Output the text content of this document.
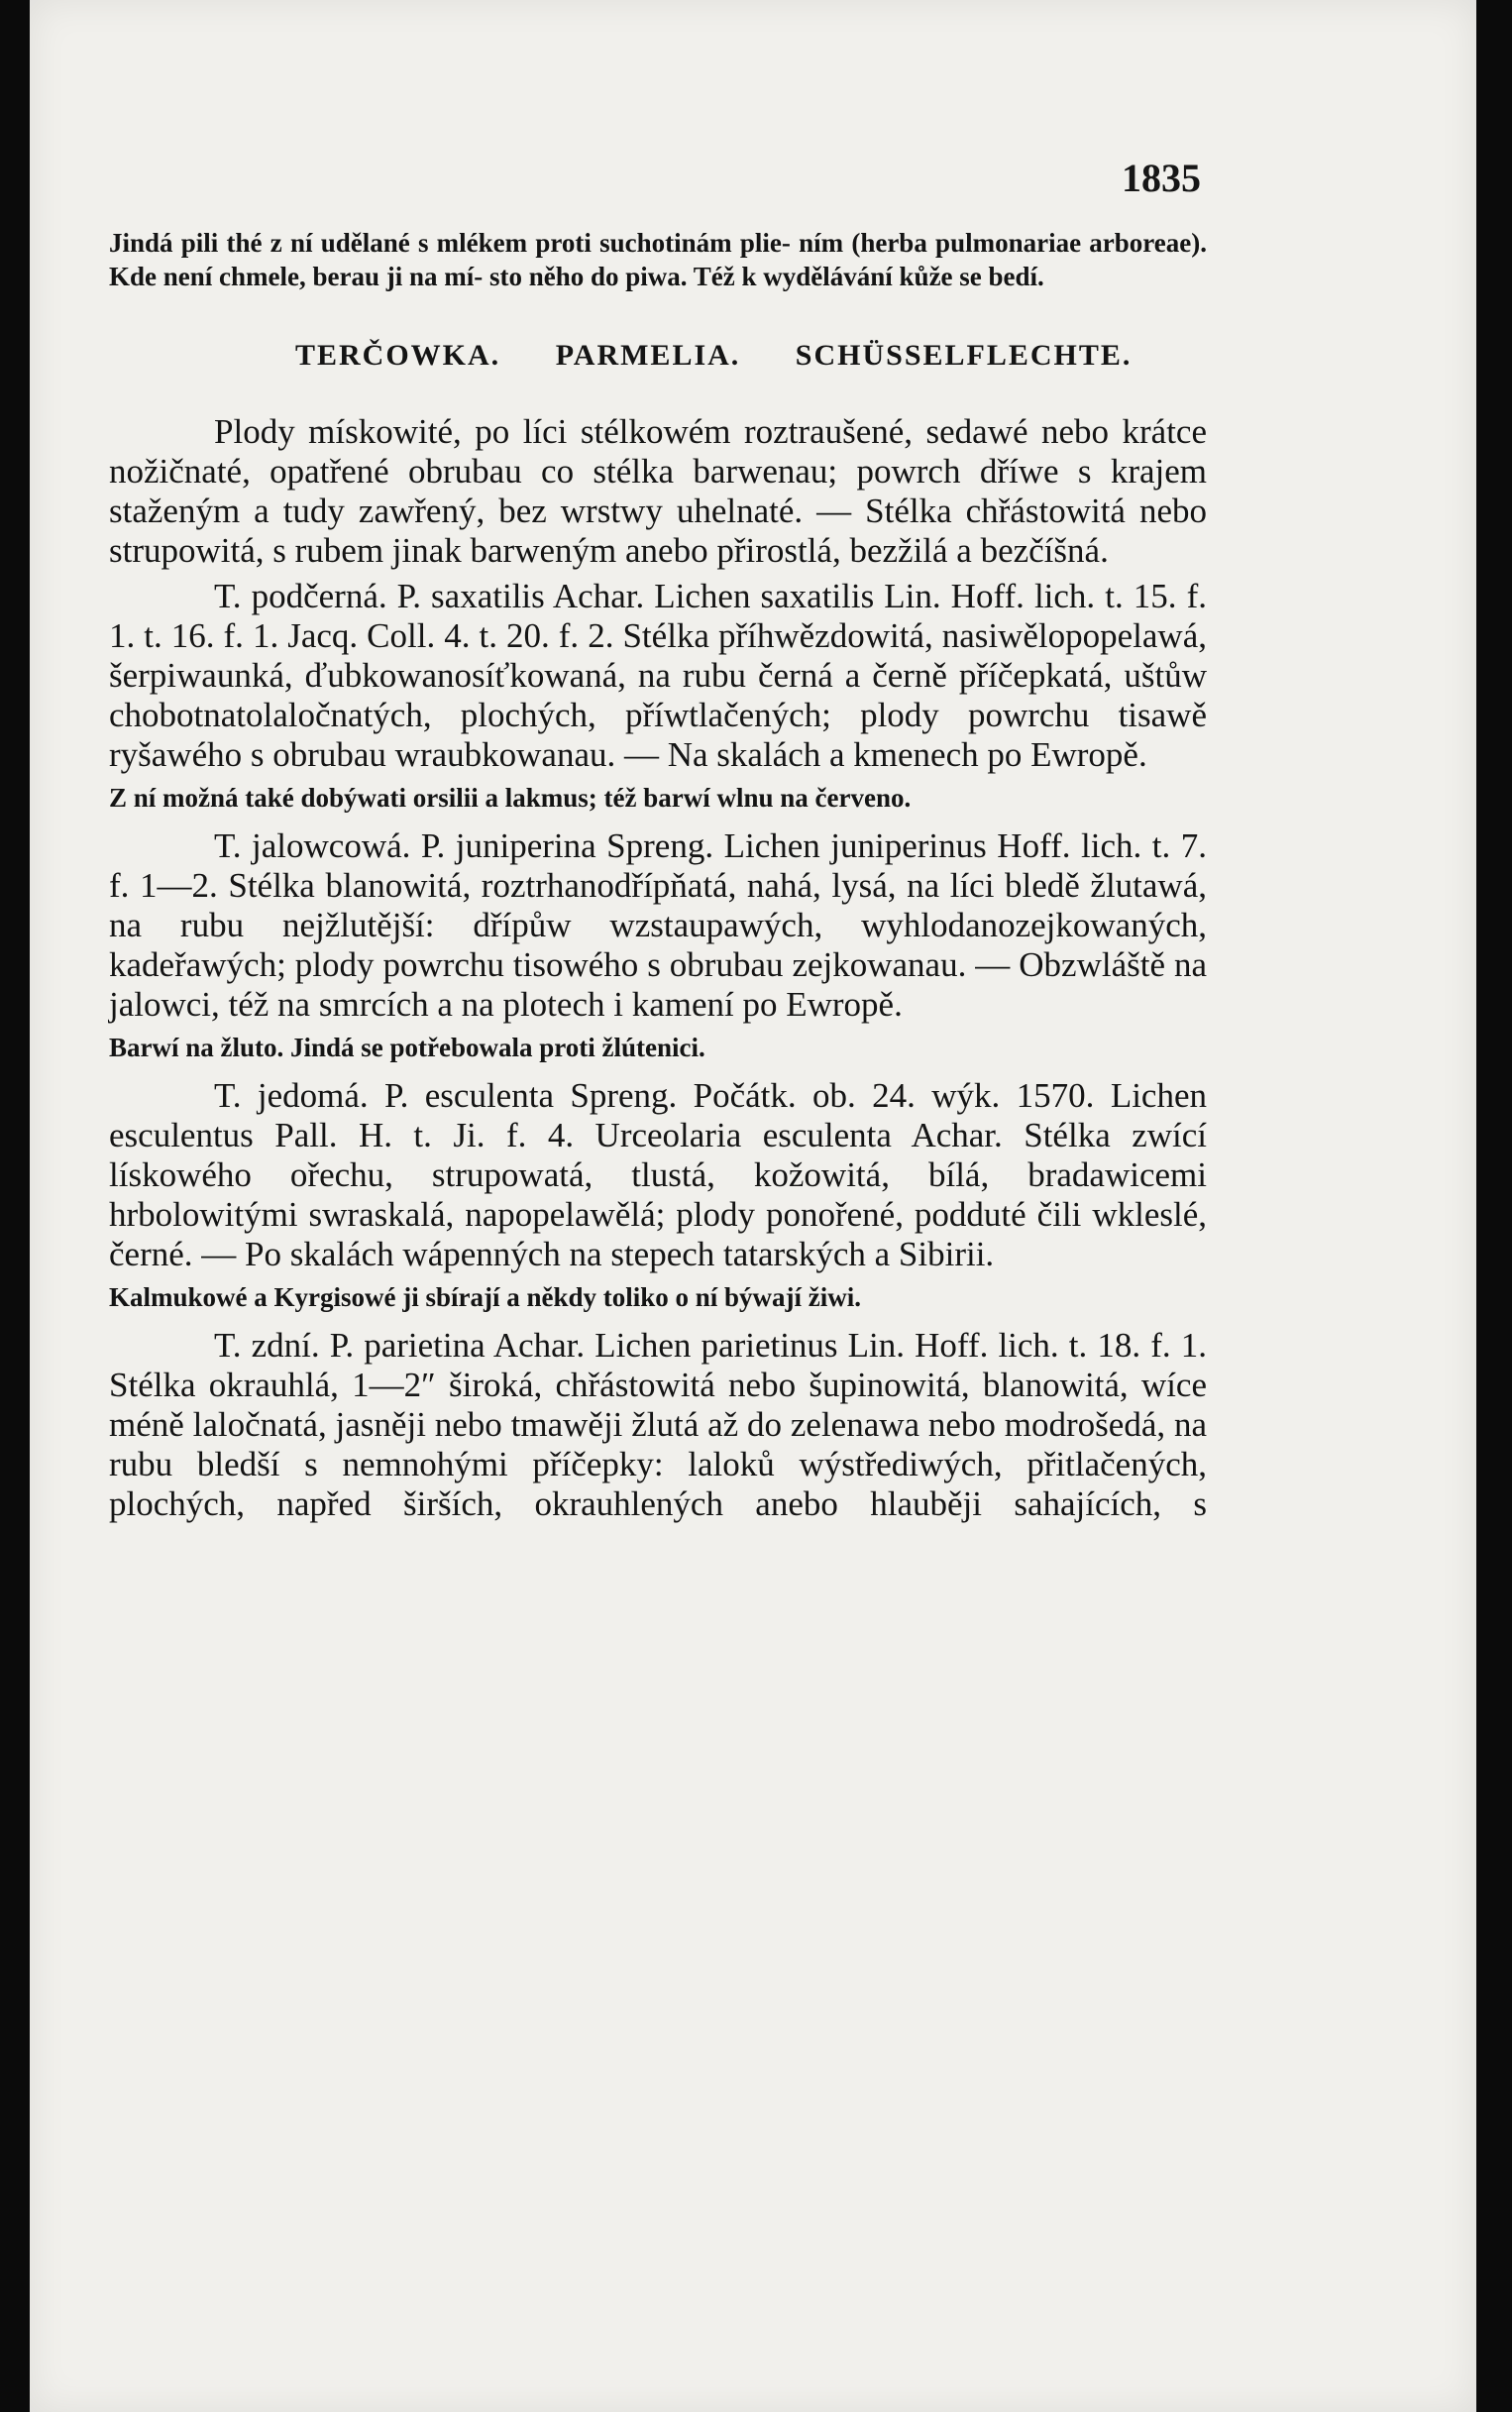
1835

Jindá pili thé z ní udělané s mlékem proti suchotinám plie- ním (herba pulmonariae arboreae). Kde není chmele, berau ji na mí- sto něho do piwa. Též k wydělávání kůže se bedí.

TERČOWKA. PARMELIA. SCHÜSSELFLECHTE.

Plody mískowité, po líci stélkowém roztraušené, sedawé nebo krátce nožičnaté, opatřené obrubau co stélka barwenau; powrch dříwe s krajem staženým a tudy zawřený, bez wrstwy uhelnaté. — Stélka chřástowitá nebo strupowitá, s rubem jinak barweným anebo přirostlá, bezžilá a bezčíšná.

T. podčerná. P. saxatilis Achar. Lichen saxatilis Lin. Hoff. lich. t. 15. f. 1. t. 16. f. 1. Jacq. Coll. 4. t. 20. f. 2. Stélka příhwězdowitá, nasiwělopopelawá, šerpiwaunká, ďubkowanosíťkowaná, na rubu černá a černě příčepkatá, uštůw chobotnatolaločnatých, plochých, příwtlačených; plody powrchu tisawě ryšawého s obrubau wraubkowanau. — Na skalách a kmenech po Ewropě.

Z ní možná také dobýwati orsilii a lakmus; též barwí wlnu na červeno.

T. jalowcowá. P. juniperina Spreng. Lichen juniperinus Hoff. lich. t. 7. f. 1—2. Stélka blanowitá, roztrhanodřípňatá, nahá, lysá, na líci bledě žlutawá, na rubu nejžlutější: dřípůw wzstaupawých, wyhlodanozejkowaných, kadeřawých; plody powrchu tisowého s obrubau zejkowanau. — Obzwláště na jalowci, též na smrcích a na plotech i kamení po Ewropě.

Barwí na žluto. Jindá se potřebowala proti žlútenici.

T. jedomá. P. esculenta Spreng. Počátk. ob. 24. wýk. 1570. Lichen esculentus Pall. H. t. Ji. f. 4. Urceolaria esculenta Achar. Stélka zwící lískowého ořechu, strupowatá, tlustá, kožowitá, bílá, bradawicemi hrbolowitými swraskalá, napopelawělá; plody ponořené, podduté čili wkleslé, černé. — Po skalách wápenných na stepech tatarských a Sibirii.

Kalmukowé a Kyrgisowé ji sbírají a někdy toliko o ní býwají žiwi.

T. zdní. P. parietina Achar. Lichen parietinus Lin. Hoff. lich. t. 18. f. 1. Stélka okrauhlá, 1—2″ široká, chřástowitá nebo šupinowitá, blanowitá, wíce méně laločnatá, jasněji nebo tmawěji žlutá až do zelenawa nebo modrošedá, na rubu bledší s nemnohými příčepky: laloků wýstřediwých, přitlačených, plochých, napřed širších, okrauhlených anebo hlauběji sahajících, s
